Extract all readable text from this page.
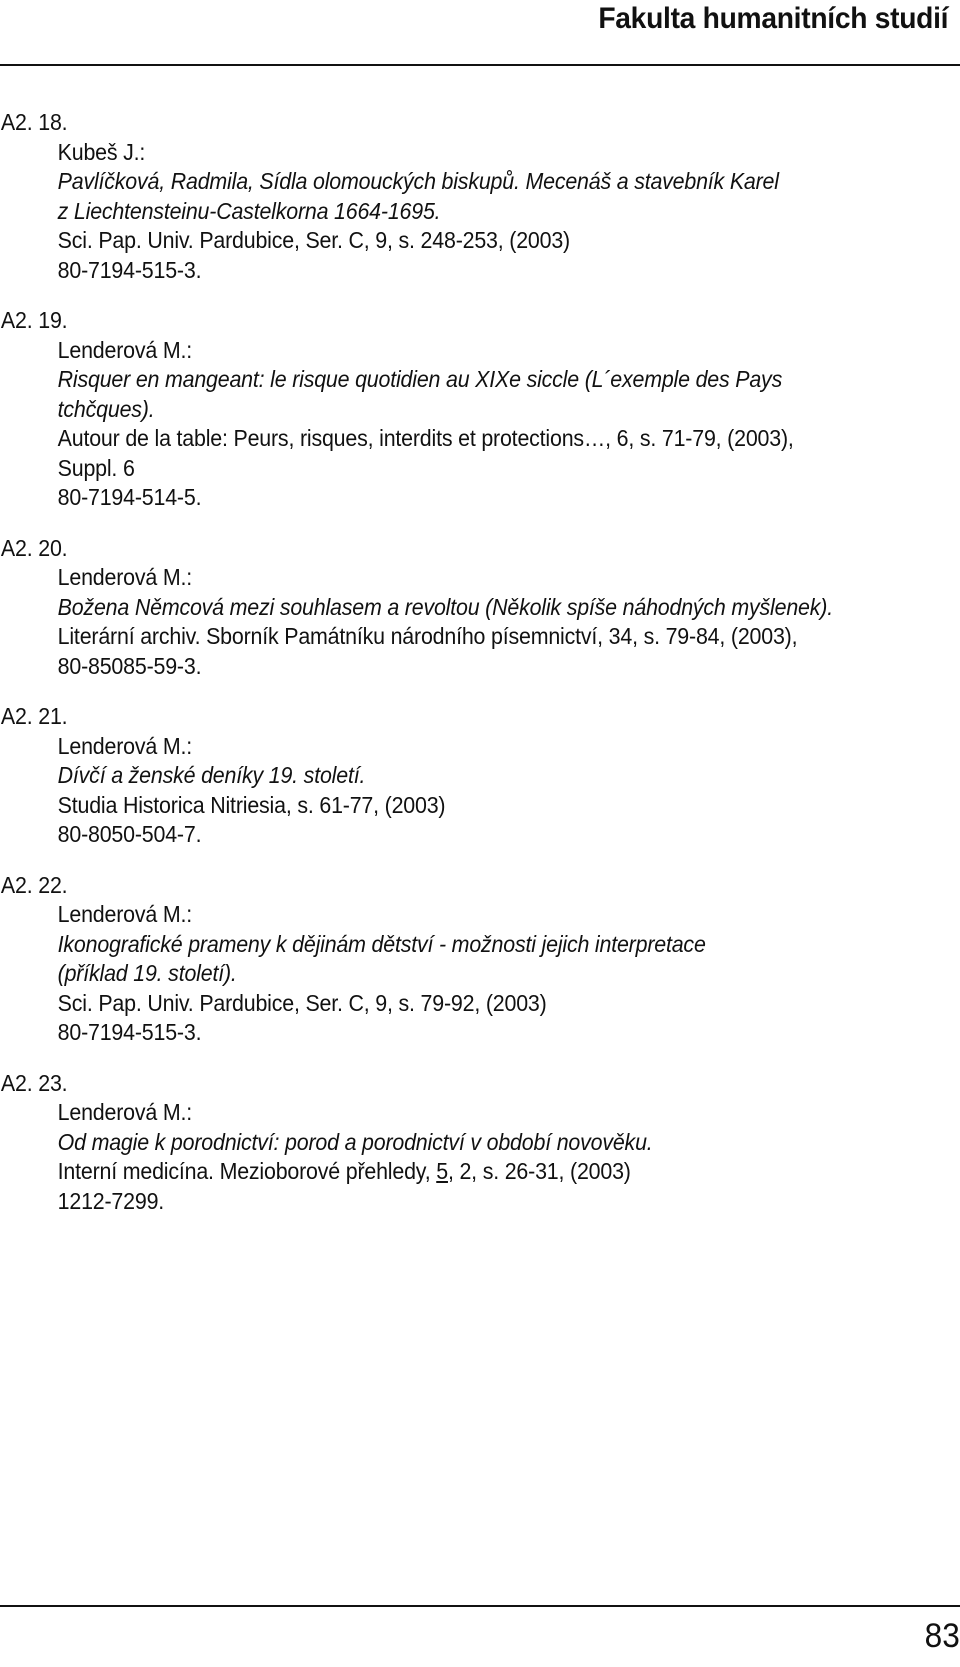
Fakulta humanitních studií
A2. 18.
Kubeš J.:
Pavlíčková, Radmila, Sídla olomouckých biskupů. Mecenáš a stavebník Karel
z Liechtensteinu-Castelkorna 1664-1695.
Sci. Pap. Univ. Pardubice, Ser. C, 9, s. 248-253, (2003)
80-7194-515-3.
A2. 19.
Lenderová M.:
Risquer en mangeant: le risque quotidien au XIXe siccle (L´exemple des Pays
tchčques).
Autour de la table: Peurs, risques, interdits et protections…, 6, s. 71-79, (2003),
Suppl. 6
80-7194-514-5.
A2. 20.
Lenderová M.:
Božena Němcová mezi souhlasem a revoltou (Několik spíše náhodných myšlenek).
Literární archiv. Sborník Památníku národního písemnictví, 34, s. 79-84, (2003),
80-85085-59-3.
A2. 21.
Lenderová M.:
Dívčí a ženské deníky 19. století.
Studia Historica Nitriesia, s. 61-77, (2003)
80-8050-504-7.
A2. 22.
Lenderová M.:
Ikonografické prameny k dějinám dětství - možnosti jejich interpretace
(příklad 19. století).
Sci. Pap. Univ. Pardubice, Ser. C, 9, s. 79-92, (2003)
80-7194-515-3.
A2. 23.
Lenderová M.:
Od magie k porodnictví: porod a porodnictví v období novověku.
Interní medicína. Mezioborové přehledy, 5, 2, s. 26-31, (2003)
1212-7299.
83
